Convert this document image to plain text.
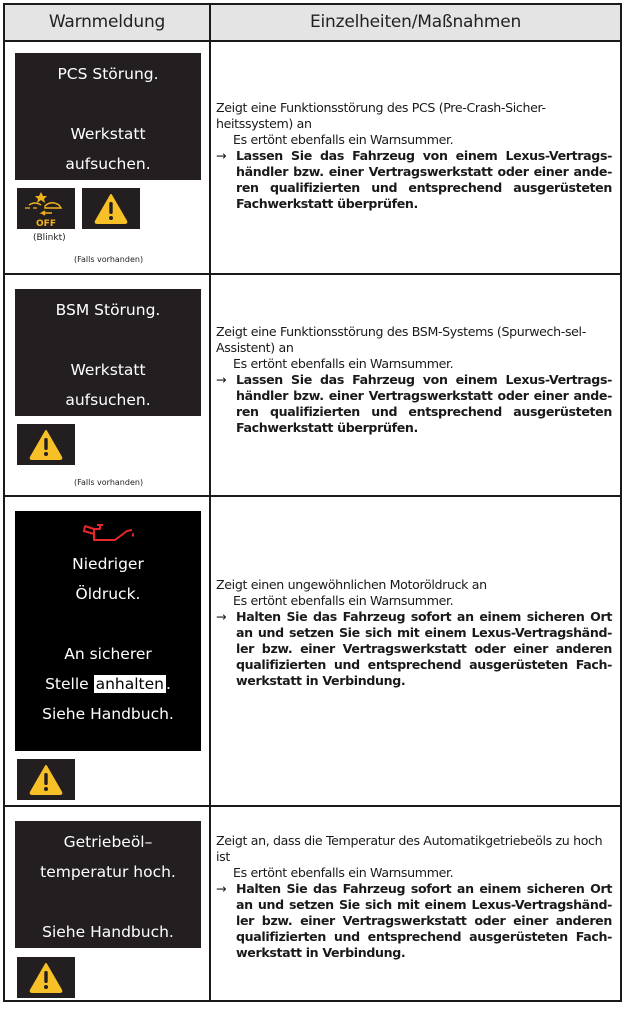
Warnmeldung	Einzelheiten/Maßnahmen
PCS Störung.

Werkstatt
aufsuchen.
OFF
(Blinkt)
(Falls vorhanden)
Zeigt eine Funktionsstörung des PCS (Pre-Crash-Sicher-heitssystem) an
Es ertönt ebenfalls ein Warnsummer.
→ Lassen Sie das Fahrzeug von einem Lexus-Vertrags-händler bzw. einer Vertragswerkstatt oder einer ande-ren qualifizierten und entsprechend ausgerüsteten Fachwerkstatt überprüfen.
BSM Störung.

Werkstatt
aufsuchen.
(Falls vorhanden)
Zeigt eine Funktionsstörung des BSM-Systems (Spurwech-sel-Assistent) an
Es ertönt ebenfalls ein Warnsummer.
→ Lassen Sie das Fahrzeug von einem Lexus-Vertrags-händler bzw. einer Vertragswerkstatt oder einer ande-ren qualifizierten und entsprechend ausgerüsteten Fachwerkstatt überprüfen.
Niedriger
Öldruck.

An sicherer
Stelle anhalten .
Siehe Handbuch.
Zeigt einen ungewöhnlichen Motoröldruck an
Es ertönt ebenfalls ein Warnsummer.
→ Halten Sie das Fahrzeug sofort an einem sicheren Ort an und setzen Sie sich mit einem Lexus-Vertragshänd-ler bzw. einer Vertragswerkstatt oder einer anderen qualifizierten und entsprechend ausgerüsteten Fach-werkstatt in Verbindung.
Getriebeöl–
temperatur hoch.

Siehe Handbuch.
Zeigt an, dass die Temperatur des Automatikgetriebeöls zu hoch ist
Es ertönt ebenfalls ein Warnsummer.
→ Halten Sie das Fahrzeug sofort an einem sicheren Ort an und setzen Sie sich mit einem Lexus-Vertragshänd-ler bzw. einer Vertragswerkstatt oder einer anderen qualifizierten und entsprechend ausgerüsteten Fach-werkstatt in Verbindung.
